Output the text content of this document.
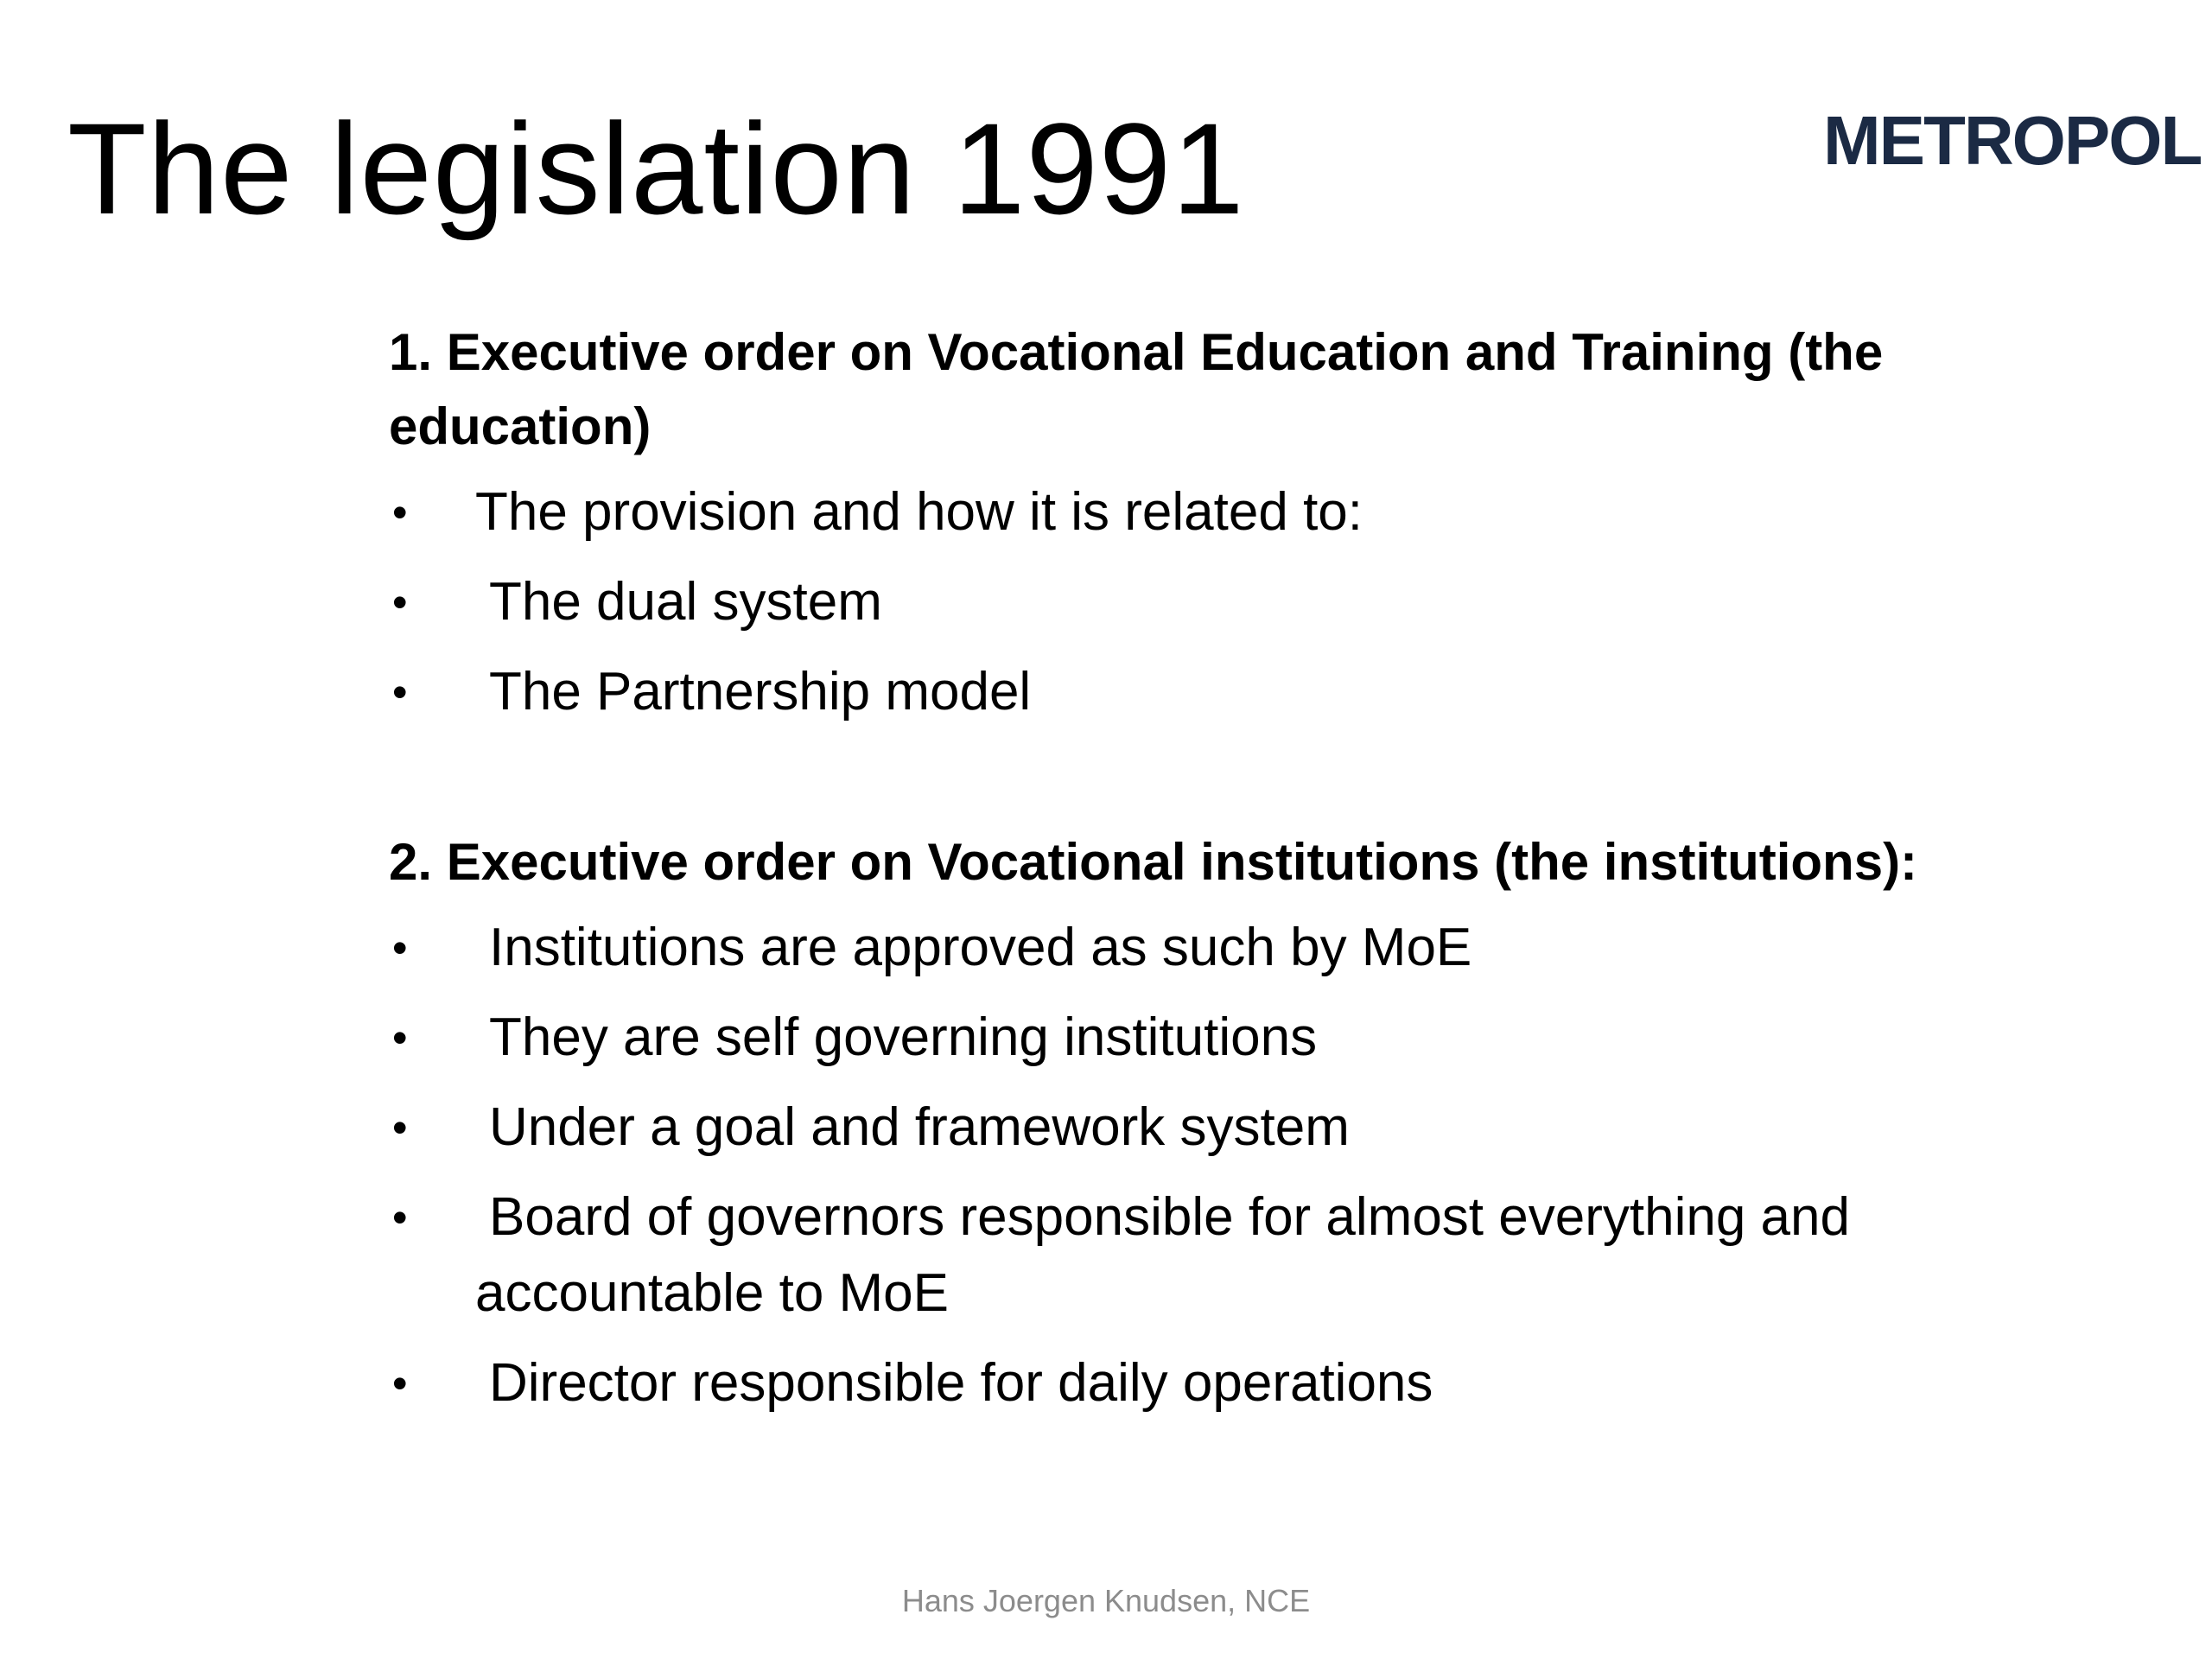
The legislation 1991	METROPOL

1. Executive order on Vocational Education and Training (the education)

• The provision and how it is related to:
• The dual system
• The Partnership model

2. Executive order on Vocational institutions (the institutions):

• Institutions are approved as such by MoE
• They are self governing institutions
• Under a goal and framework system
• Board of governors responsible for almost everything and accountable to MoE
• Director responsible for daily operations
Hans Joergen Knudsen, NCE
